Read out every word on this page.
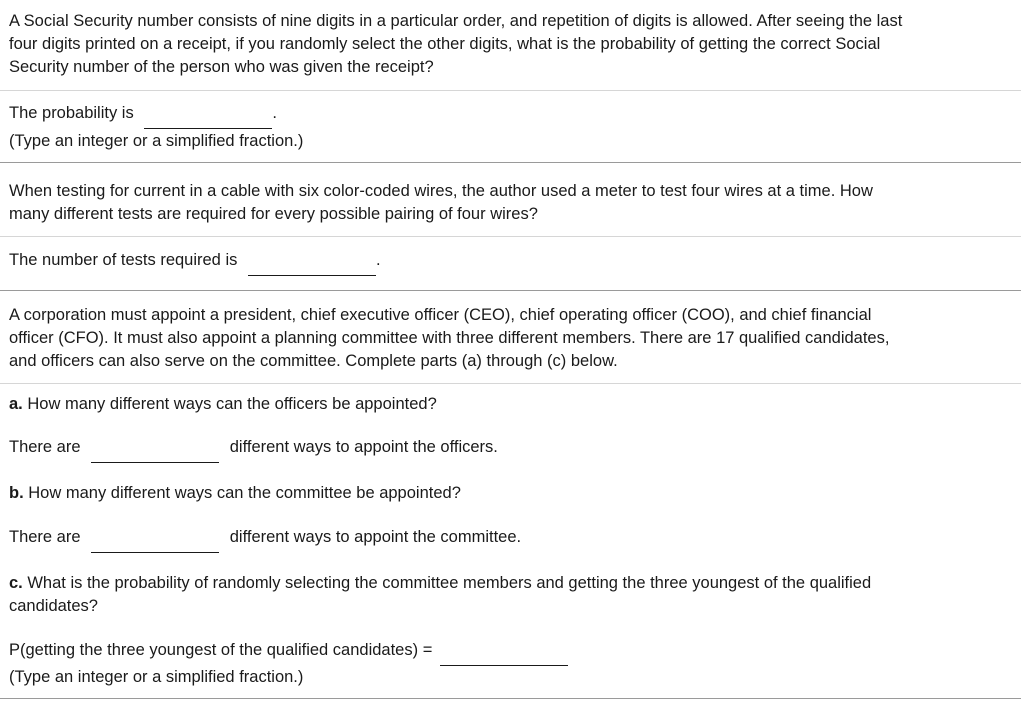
A Social Security number consists of nine digits in a particular order, and repetition of digits is allowed. After seeing the last

four digits printed on a receipt, if you randomly select the other digits, what is the probability of getting the correct Social

Security number of the person who was given the receipt?

The probability is	.
(Type an integer or a simplified fraction.)

When testing for current in a cable with six color-coded wires, the author used a meter to test four wires at a time. How

many different tests are required for every possible pairing of four wires?

The number of tests required is	.

A corporation must appoint a president, chief executive officer (CEO), chief operating officer (COO), and chief financial

officer (CFO). It must also appoint a planning committee with three different members. There are 17 qualified candidates,

and officers can also serve on the committee. Complete parts (a) through (c) below.

a. How many different ways can the officers be appointed?
There are	different ways to appoint the officers.
b. How many different ways can the committee be appointed?
There are	different ways to appoint the committee.

c. What is the probability of randomly selecting the committee members and getting the three youngest of the qualified

candidates?

P(getting the three youngest of the qualified candidates) =
(Type an integer or a simplified fraction.)
